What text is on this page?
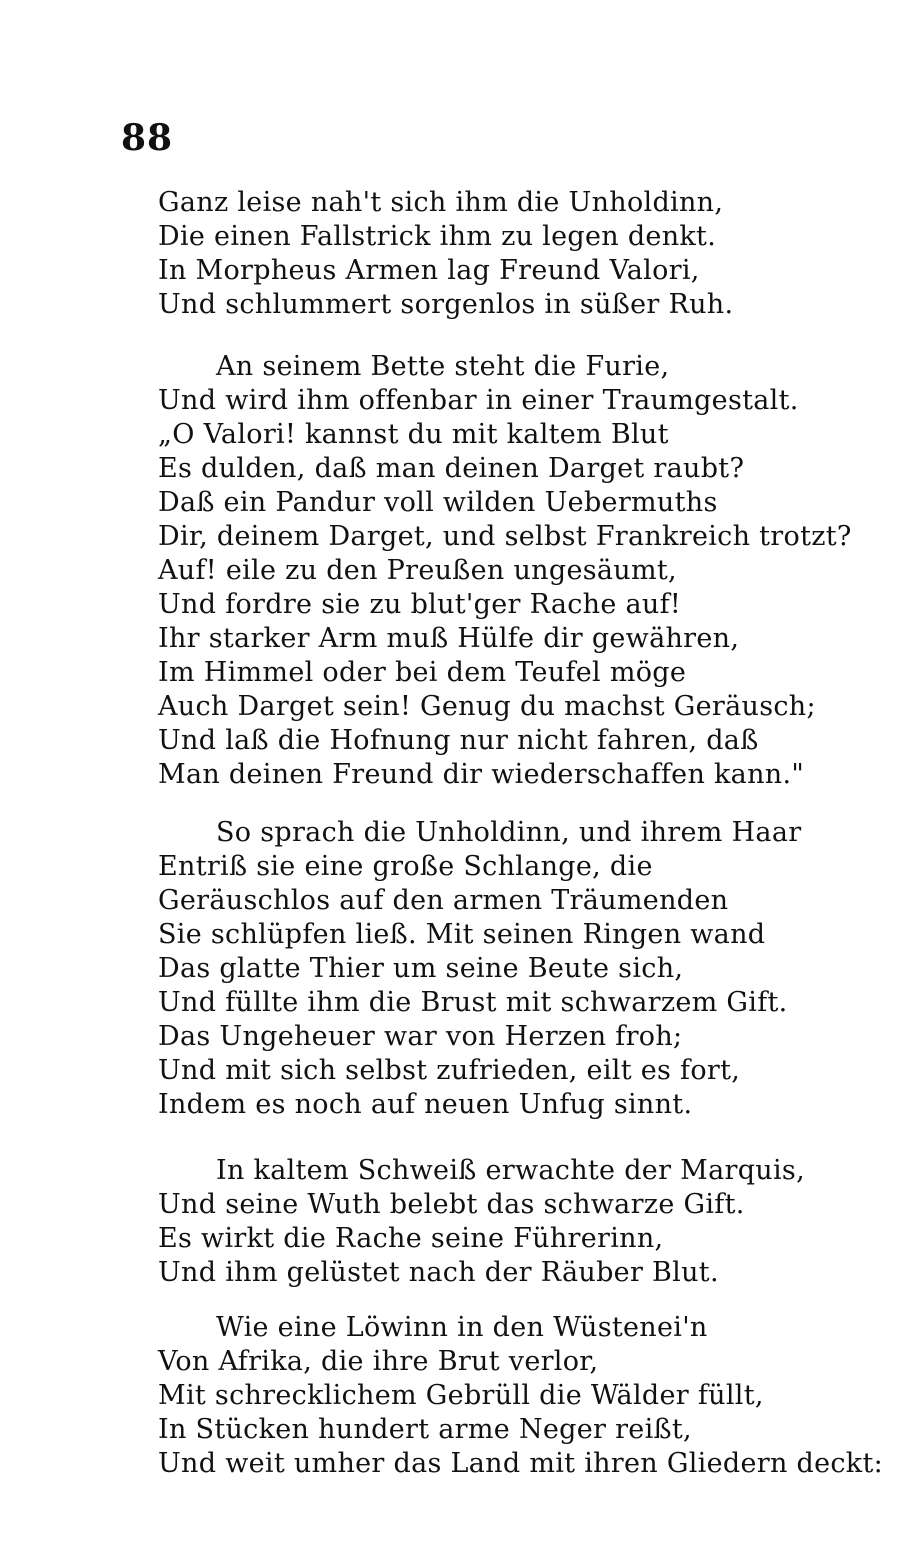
88
Ganz leise nah't sich ihm die Unholdinn,
Die einen Fallstrick ihm zu legen denkt.
In Morpheus Armen lag Freund Valori,
Und schlummert sorgenlos in süßer Ruh.
An seinem Bette steht die Furie,
Und wird ihm offenbar in einer Traumgestalt.
„O Valori! kannst du mit kaltem Blut
Es dulden, daß man deinen Darget raubt?
Daß ein Pandur voll wilden Uebermuths
Dir, deinem Darget, und selbst Frankreich trotzt?
Auf! eile zu den Preußen ungesäumt,
Und fordre sie zu blut'ger Rache auf!
Ihr starker Arm muß Hülfe dir gewähren,
Im Himmel oder bei dem Teufel möge
Auch Darget sein! Genug du machst Geräusch;
Und laß die Hofnung nur nicht fahren, daß
Man deinen Freund dir wiederschaffen kann."
So sprach die Unholdinn, und ihrem Haar
Entriß sie eine große Schlange, die
Geräuschlos auf den armen Träumenden
Sie schlüpfen ließ. Mit seinen Ringen wand
Das glatte Thier um seine Beute sich,
Und füllte ihm die Brust mit schwarzem Gift.
Das Ungeheuer war von Herzen froh;
Und mit sich selbst zufrieden, eilt es fort,
Indem es noch auf neuen Unfug sinnt.
In kaltem Schweiß erwachte der Marquis,
Und seine Wuth belebt das schwarze Gift.
Es wirkt die Rache seine Führerinn,
Und ihm gelüstet nach der Räuber Blut.
Wie eine Löwinn in den Wüstenei'n
Von Afrika, die ihre Brut verlor,
Mit schrecklichem Gebrüll die Wälder füllt,
In Stücken hundert arme Neger reißt,
Und weit umher das Land mit ihren Gliedern deckt:
